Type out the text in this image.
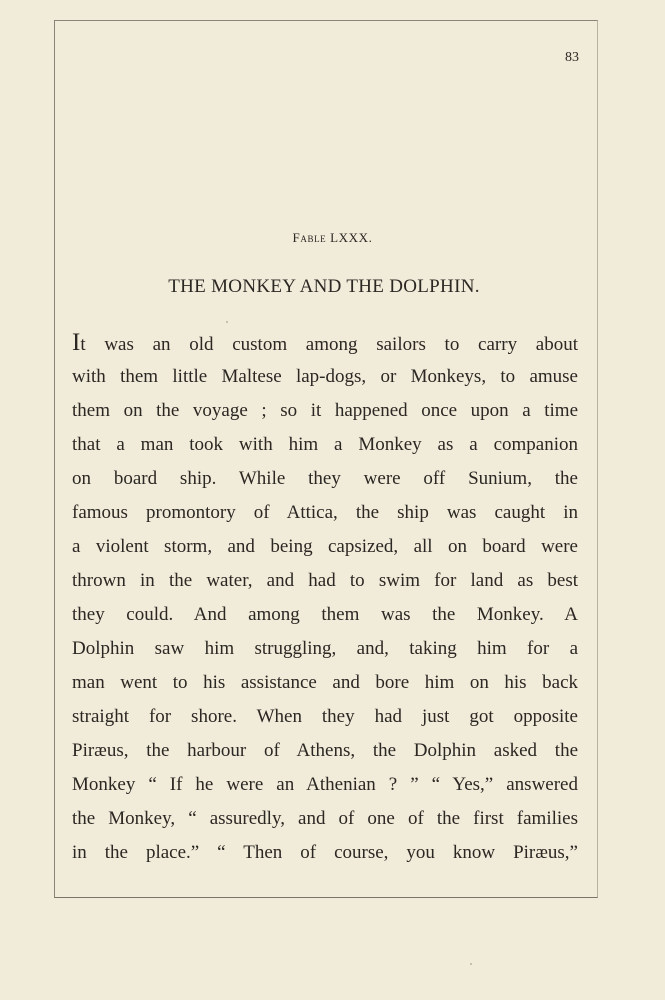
83
Fable LXXX.
THE MONKEY AND THE DOLPHIN.
It was an old custom among sailors to carry about
with them little Maltese lap-dogs, or Monkeys, to amuse
them on the voyage ; so it happened once upon a time
that a man took with him a Monkey as a companion
on board ship. While they were off Sunium, the
famous promontory of Attica, the ship was caught in
a violent storm, and being capsized, all on board were
thrown in the water, and had to swim for land as best
they could. And among them was the Monkey. A
Dolphin saw him struggling, and, taking him for a
man went to his assistance and bore him on his back
straight for shore. When they had just got opposite
Piræus, the harbour of Athens, the Dolphin asked the
Monkey “ If he were an Athenian ? ” “ Yes,” answered
the Monkey, “ assuredly, and of one of the first families
in the place.” “ Then of course, you know Piræus,”
